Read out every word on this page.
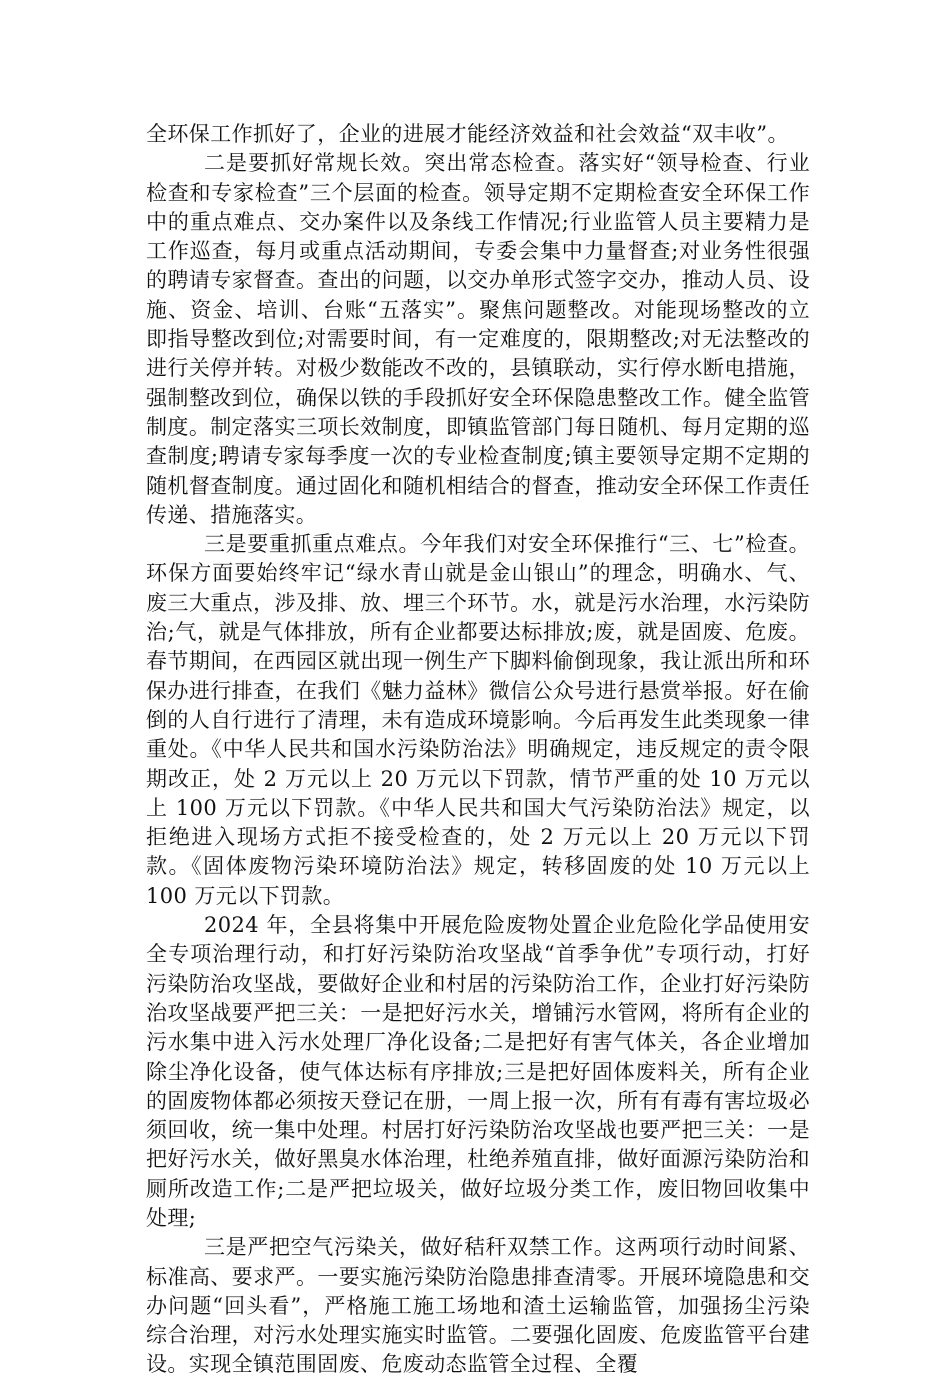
全环保工作抓好了，企业的进展才能经济效益和社会效益“双丰收”。

二是要抓好常规长效。突出常态检查。落实好“领导检查、行业检查和专家检查”三个层面的检查。领导定期不定期检查安全环保工作中的重点难点、交办案件以及条线工作情况;行业监管人员主要精力是工作巡查，每月或重点活动期间，专委会集中力量督查;对业务性很强的聘请专家督查。查出的问题，以交办单形式签字交办，推动人员、设施、资金、培训、台账“五落实”。聚焦问题整改。对能现场整改的立即指导整改到位;对需要时间，有一定难度的，限期整改;对无法整改的进行关停并转。对极少数能改不改的，县镇联动，实行停水断电措施，强制整改到位，确保以铁的手段抓好安全环保隐患整改工作。健全监管制度。制定落实三项长效制度，即镇监管部门每日随机、每月定期的巡查制度;聘请专家每季度一次的专业检查制度;镇主要领导定期不定期的随机督查制度。通过固化和随机相结合的督查，推动安全环保工作责任传递、措施落实。

三是要重抓重点难点。今年我们对安全环保推行“三、七”检查。环保方面要始终牢记“绿水青山就是金山银山”的理念，明确水、气、废三大重点，涉及排、放、埋三个环节。水，就是污水治理，水污染防治;气，就是气体排放，所有企业都要达标排放;废，就是固废、危废。春节期间，在西园区就出现一例生产下脚料偷倒现象，我让派出所和环保办进行排查，在我们《魅力益林》微信公众号进行悬赏举报。好在偷倒的人自行进行了清理，未有造成环境影响。今后再发生此类现象一律重处。《中华人民共和国水污染防治法》明确规定，违反规定的责令限期改正，处 2 万元以上 20 万元以下罚款，情节严重的处 10 万元以上 100 万元以下罚款。《中华人民共和国大气污染防治法》规定，以拒绝进入现场方式拒不接受检查的，处 2 万元以上 20 万元以下罚款。《固体废物污染环境防治法》规定，转移固废的处 10 万元以上 100 万元以下罚款。

2024 年，全县将集中开展危险废物处置企业危险化学品使用安全专项治理行动，和打好污染防治攻坚战“首季争优”专项行动，打好污染防治攻坚战，要做好企业和村居的污染防治工作，企业打好污染防治攻坚战要严把三关：一是把好污水关，增铺污水管网，将所有企业的污水集中进入污水处理厂净化设备;二是把好有害气体关，各企业增加除尘净化设备，使气体达标有序排放;三是把好固体废料关，所有企业的固废物体都必须按天登记在册，一周上报一次，所有有毒有害垃圾必须回收，统一集中处理。村居打好污染防治攻坚战也要严把三关：一是把好污水关，做好黑臭水体治理，杜绝养殖直排，做好面源污染防治和厕所改造工作;二是严把垃圾关，做好垃圾分类工作，废旧物回收集中处理;

三是严把空气污染关，做好秸秆双禁工作。这两项行动时间紧、标准高、要求严。一要实施污染防治隐患排查清零。开展环境隐患和交办问题“回头看”，严格施工施工场地和渣土运输监管，加强扬尘污染综合治理，对污水处理实施实时监管。二要强化固废、危废监管平台建设。实现全镇范围固废、危废动态监管全过程、全覆
